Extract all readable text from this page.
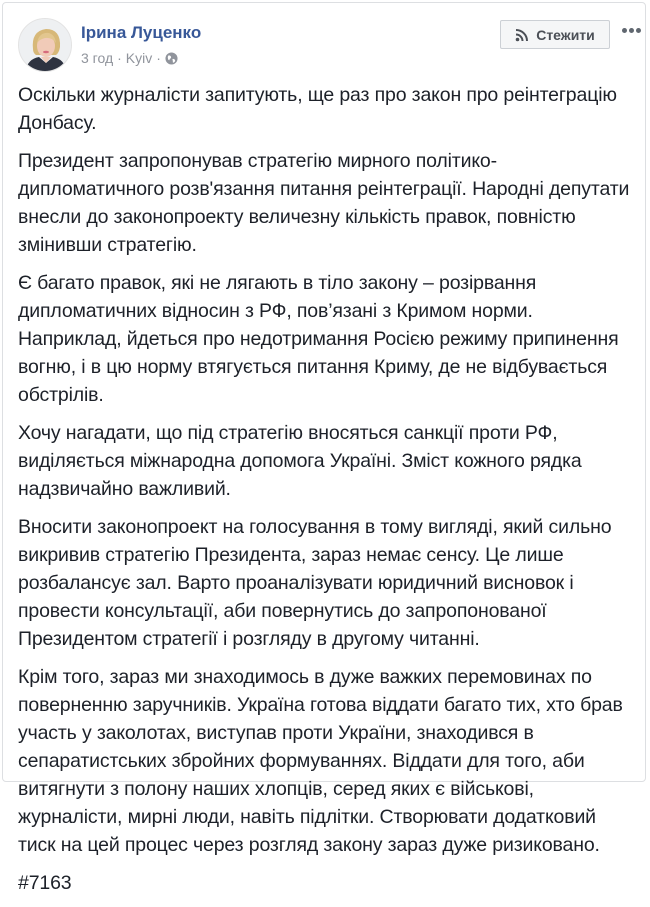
Ірина Луценко
3 год · Kyiv ·
Стежити

Оскільки журналісти запитують, ще раз про закон про реінтеграцію Донбасу.

Президент запропонував стратегію мирного політико-дипломатичного розв'язання питання реінтеграції. Народні депутати внесли до законопроекту величезну кількість правок, повністю змінивши стратегію.

Є багато правок, які не лягають в тіло закону – розірвання дипломатичних відносин з РФ, пов’язані з Кримом норми. Наприклад, йдеться про недотримання Росією режиму припинення вогню, і в цю норму втягується питання Криму, де не відбувається обстрілів.

Хочу нагадати, що під стратегію вносяться санкції проти РФ, виділяється міжнародна допомога Україні. Зміст кожного рядка надзвичайно важливий.

Вносити законопроект на голосування в тому вигляді, який сильно викривив стратегію Президента, зараз немає сенсу. Це лише розбалансує зал. Варто проаналізувати юридичний висновок і провести консультації, аби повернутись до запропонованої Президентом стратегії і розгляду в другому читанні.

Крім того, зараз ми знаходимось в дуже важких перемовинах по поверненню заручників. Україна готова віддати багато тих, хто брав участь у заколотах, виступав проти України, знаходився в сепаратистських збройних формуваннях. Віддати для того, аби витягнути з полону наших хлопців, серед яких є військові, журналісти, мирні люди, навіть підлітки. Створювати додатковий тиск на цей процес через розгляд закону зараз дуже ризиковано.

#7163
